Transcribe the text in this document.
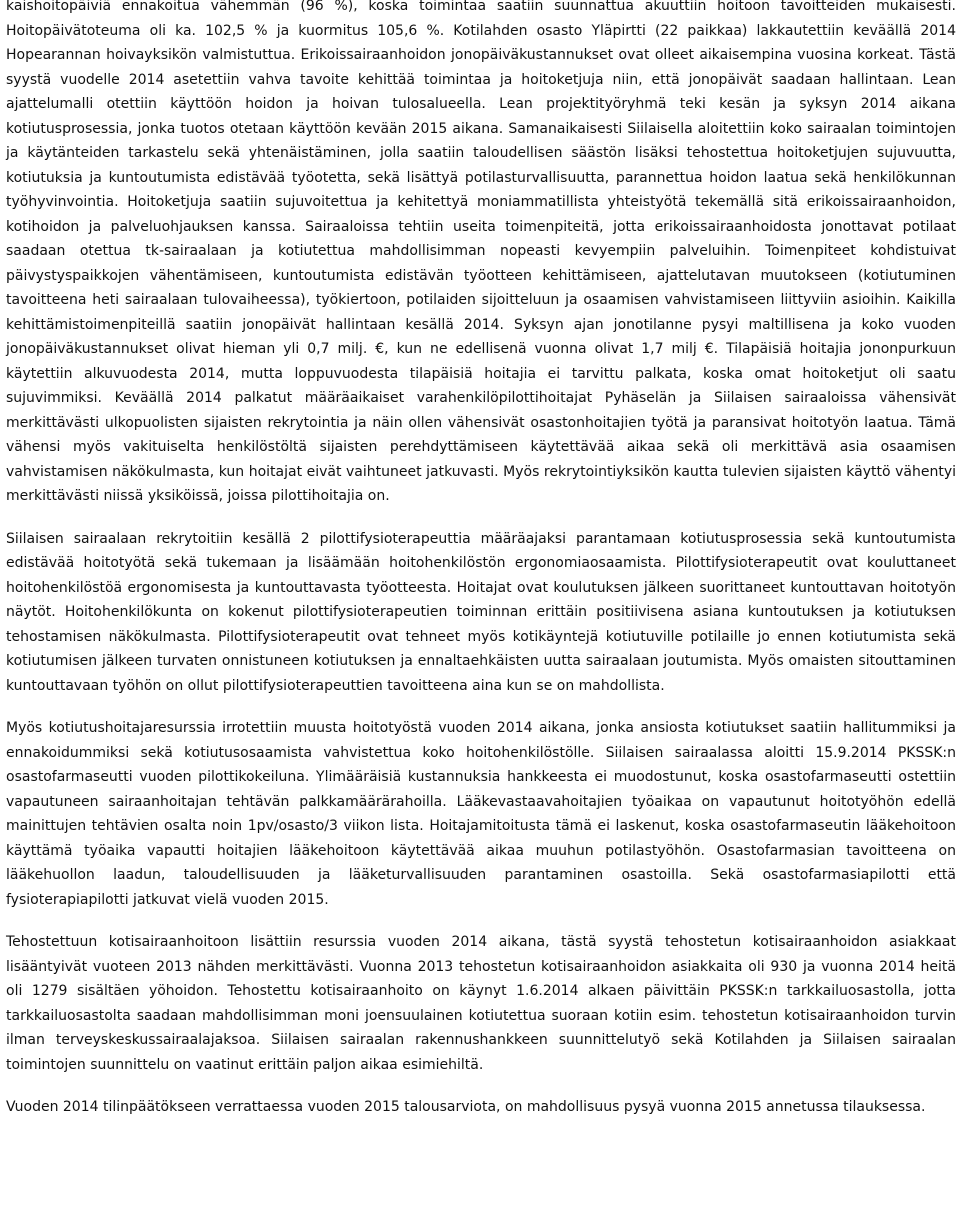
kaishoitopäiviä ennakoitua vähemmän (96 %), koska toimintaa saatiin suunnattua akuuttiin hoitoon tavoitteiden mukaisesti. Hoitopäivätoteuma oli ka. 102,5 % ja kuormitus 105,6 %. Kotilahden osasto Yläpirtti (22 paikkaa) lakkautettiin keväällä 2014 Hopearannan hoivayksikön valmistuttua. Erikoissairaanhoidon jonopäiväkustannukset ovat olleet aikaisempina vuosina korkeat. Tästä syystä vuodelle 2014 asetettiin vahva tavoite kehittää toimintaa ja hoitoketjuja niin, että jonopäivät saadaan hallintaan. Lean ajattelumalli otettiin käyttöön hoidon ja hoivan tulosalueella. Lean projektityöryhmä teki kesän ja syksyn 2014 aikana kotiutusprosessia, jonka tuotos otetaan käyttöön kevään 2015 aikana. Samanaikaisesti Siilaisella aloitettiin koko sairaalan toimintojen ja käytänteiden tarkastelu sekä yhtenäistäminen, jolla saatiin taloudellisen säästön lisäksi tehostettua hoitoketjujen sujuvuutta, kotiutuksia ja kuntoutumista edistävää työotetta, sekä lisättyä potilasturvallisuutta, parannettua hoidon laatua sekä henkilökunnan työhyvinvointia. Hoitoketjuja saatiin sujuvoitettua ja kehitettyä moniammatillista yhteistyötä tekemällä sitä erikoissairaanhoidon, kotihoidon ja palveluohjauksen kanssa. Sairaaloissa tehtiin useita toimenpiteitä, jotta erikoissairaanhoidosta jonottavat potilaat saadaan otettua tk-sairaalaan ja kotiutettua mahdollisimman nopeasti kevyempiin palveluihin. Toimenpiteet kohdistuivat päivystyspaikkojen vähentämiseen, kuntoutumista edistävän työotteen kehittämiseen, ajattelutavan muutokseen (kotiutuminen tavoitteena heti sairaalaan tulovaiheessa), työkiertoon, potilaiden sijoitteluun ja osaamisen vahvistamiseen liittyviin asioihin. Kaikilla kehittämistoimenpiteillä saatiin jonopäivät hallintaan kesällä 2014. Syksyn ajan jonotilanne pysyi maltillisena ja koko vuoden jonopäiväkustannukset olivat hieman yli 0,7 milj. €, kun ne edellisenä vuonna olivat 1,7 milj €. Tilapäisiä hoitajia jononpurkuun käytettiin alkuvuodesta 2014, mutta loppuvuodesta tilapäisiä hoitajia ei tarvittu palkata, koska omat hoitoketjut oli saatu sujuvimmiksi. Keväällä 2014 palkatut määräaikaiset varahenkilöpilottihoitajat Pyhäselän ja Siilaisen sairaaloissa vähensivät merkittävästi ulkopuolisten sijaisten rekrytointia ja näin ollen vähensivät osastonhoitajien työtä ja paransivat hoitotyön laatua. Tämä vähensi myös vakituiselta henkilöstöltä sijaisten perehdyttämiseen käytettävää aikaa sekä oli merkittävä asia osaamisen vahvistamisen näkökulmasta, kun hoitajat eivät vaihtuneet jatkuvasti. Myös rekrytointiyksikön kautta tulevien sijaisten käyttö vähentyi merkittävästi niissä yksiköissä, joissa pilottihoitajia on.

Siilaisen sairaalaan rekrytoitiin kesällä 2 pilottifysioterapeuttia määräajaksi parantamaan kotiutusprosessia sekä kuntoutumista edistävää hoitotyötä sekä tukemaan ja lisäämään hoitohenkilöstön ergonomiaosaamista. Pilottifysioterapeutit ovat kouluttaneet hoitohenkilöstöä ergonomisesta ja kuntouttavasta työotteesta. Hoitajat ovat koulutuksen jälkeen suorittaneet kuntouttavan hoitotyön näytöt. Hoitohenkilökunta on kokenut pilottifysioterapeutien toiminnan erittäin positiivisena asiana kuntoutuksen ja kotiutuksen tehostamisen näkökulmasta. Pilottifysioterapeutit ovat tehneet myös kotikäyntejä kotiutuville potilaille jo ennen kotiutumista sekä kotiutumisen jälkeen turvaten onnistuneen kotiutuksen ja ennaltaehkäisten uutta sairaalaan joutumista. Myös omaisten sitouttaminen kuntouttavaan työhön on ollut pilottifysioterapeuttien tavoitteena aina kun se on mahdollista.

Myös kotiutushoitajaresurssia irrotettiin muusta hoitotyöstä vuoden 2014 aikana, jonka ansiosta kotiutukset saatiin hallitummiksi ja ennakoidummiksi sekä kotiutusosaamista vahvistettua koko hoitohenkilöstölle. Siilaisen sairaalassa aloitti 15.9.2014 PKSSK:n osastofarmaseutti vuoden pilottikokeiluna. Ylimääräisiä kustannuksia hankkeesta ei muodostunut, koska osastofarmaseutti ostettiin vapautuneen sairaanhoitajan tehtävän palkkamäärärahoilla. Lääkevastaavahoitajien työaikaa on vapautunut hoitotyöhön edellä mainittujen tehtävien osalta noin 1pv/osasto/3 viikon lista. Hoitajamitoitusta tämä ei laskenut, koska osastofarmaseutin lääkehoitoon käyttämä työaika vapautti hoitajien lääkehoitoon käytettävää aikaa muuhun potilastyöhön. Osastofarmasian tavoitteena on lääkehuollon laadun, taloudellisuuden ja lääketurvallisuuden parantaminen osastoilla. Sekä osastofarmasiapilotti että fysioterapiapilotti jatkuvat vielä vuoden 2015.

Tehostettuun kotisairaanhoitoon lisättiin resurssia vuoden 2014 aikana, tästä syystä tehostetun kotisairaanhoidon asiakkaat lisääntyivät vuoteen 2013 nähden merkittävästi. Vuonna 2013 tehostetun kotisairaanhoidon asiakkaita oli 930 ja vuonna 2014 heitä oli 1279 sisältäen yöhoidon. Tehostettu kotisairaanhoito on käynyt 1.6.2014 alkaen päivittäin PKSSK:n tarkkailuosastolla, jotta tarkkailuosastolta saadaan mahdollisimman moni joensuulainen kotiutettua suoraan kotiin esim. tehostetun kotisairaanhoidon turvin ilman terveyskeskussairaalajaksoa. Siilaisen sairaalan rakennushankkeen suunnittelutyö sekä Kotilahden ja Siilaisen sairaalan toimintojen suunnittelu on vaatinut erittäin paljon aikaa esimiehiltä.

Vuoden 2014 tilinpäätökseen verrattaessa vuoden 2015 talousarviota, on mahdollisuus pysyä vuonna 2015 annetussa tilauksessa.
